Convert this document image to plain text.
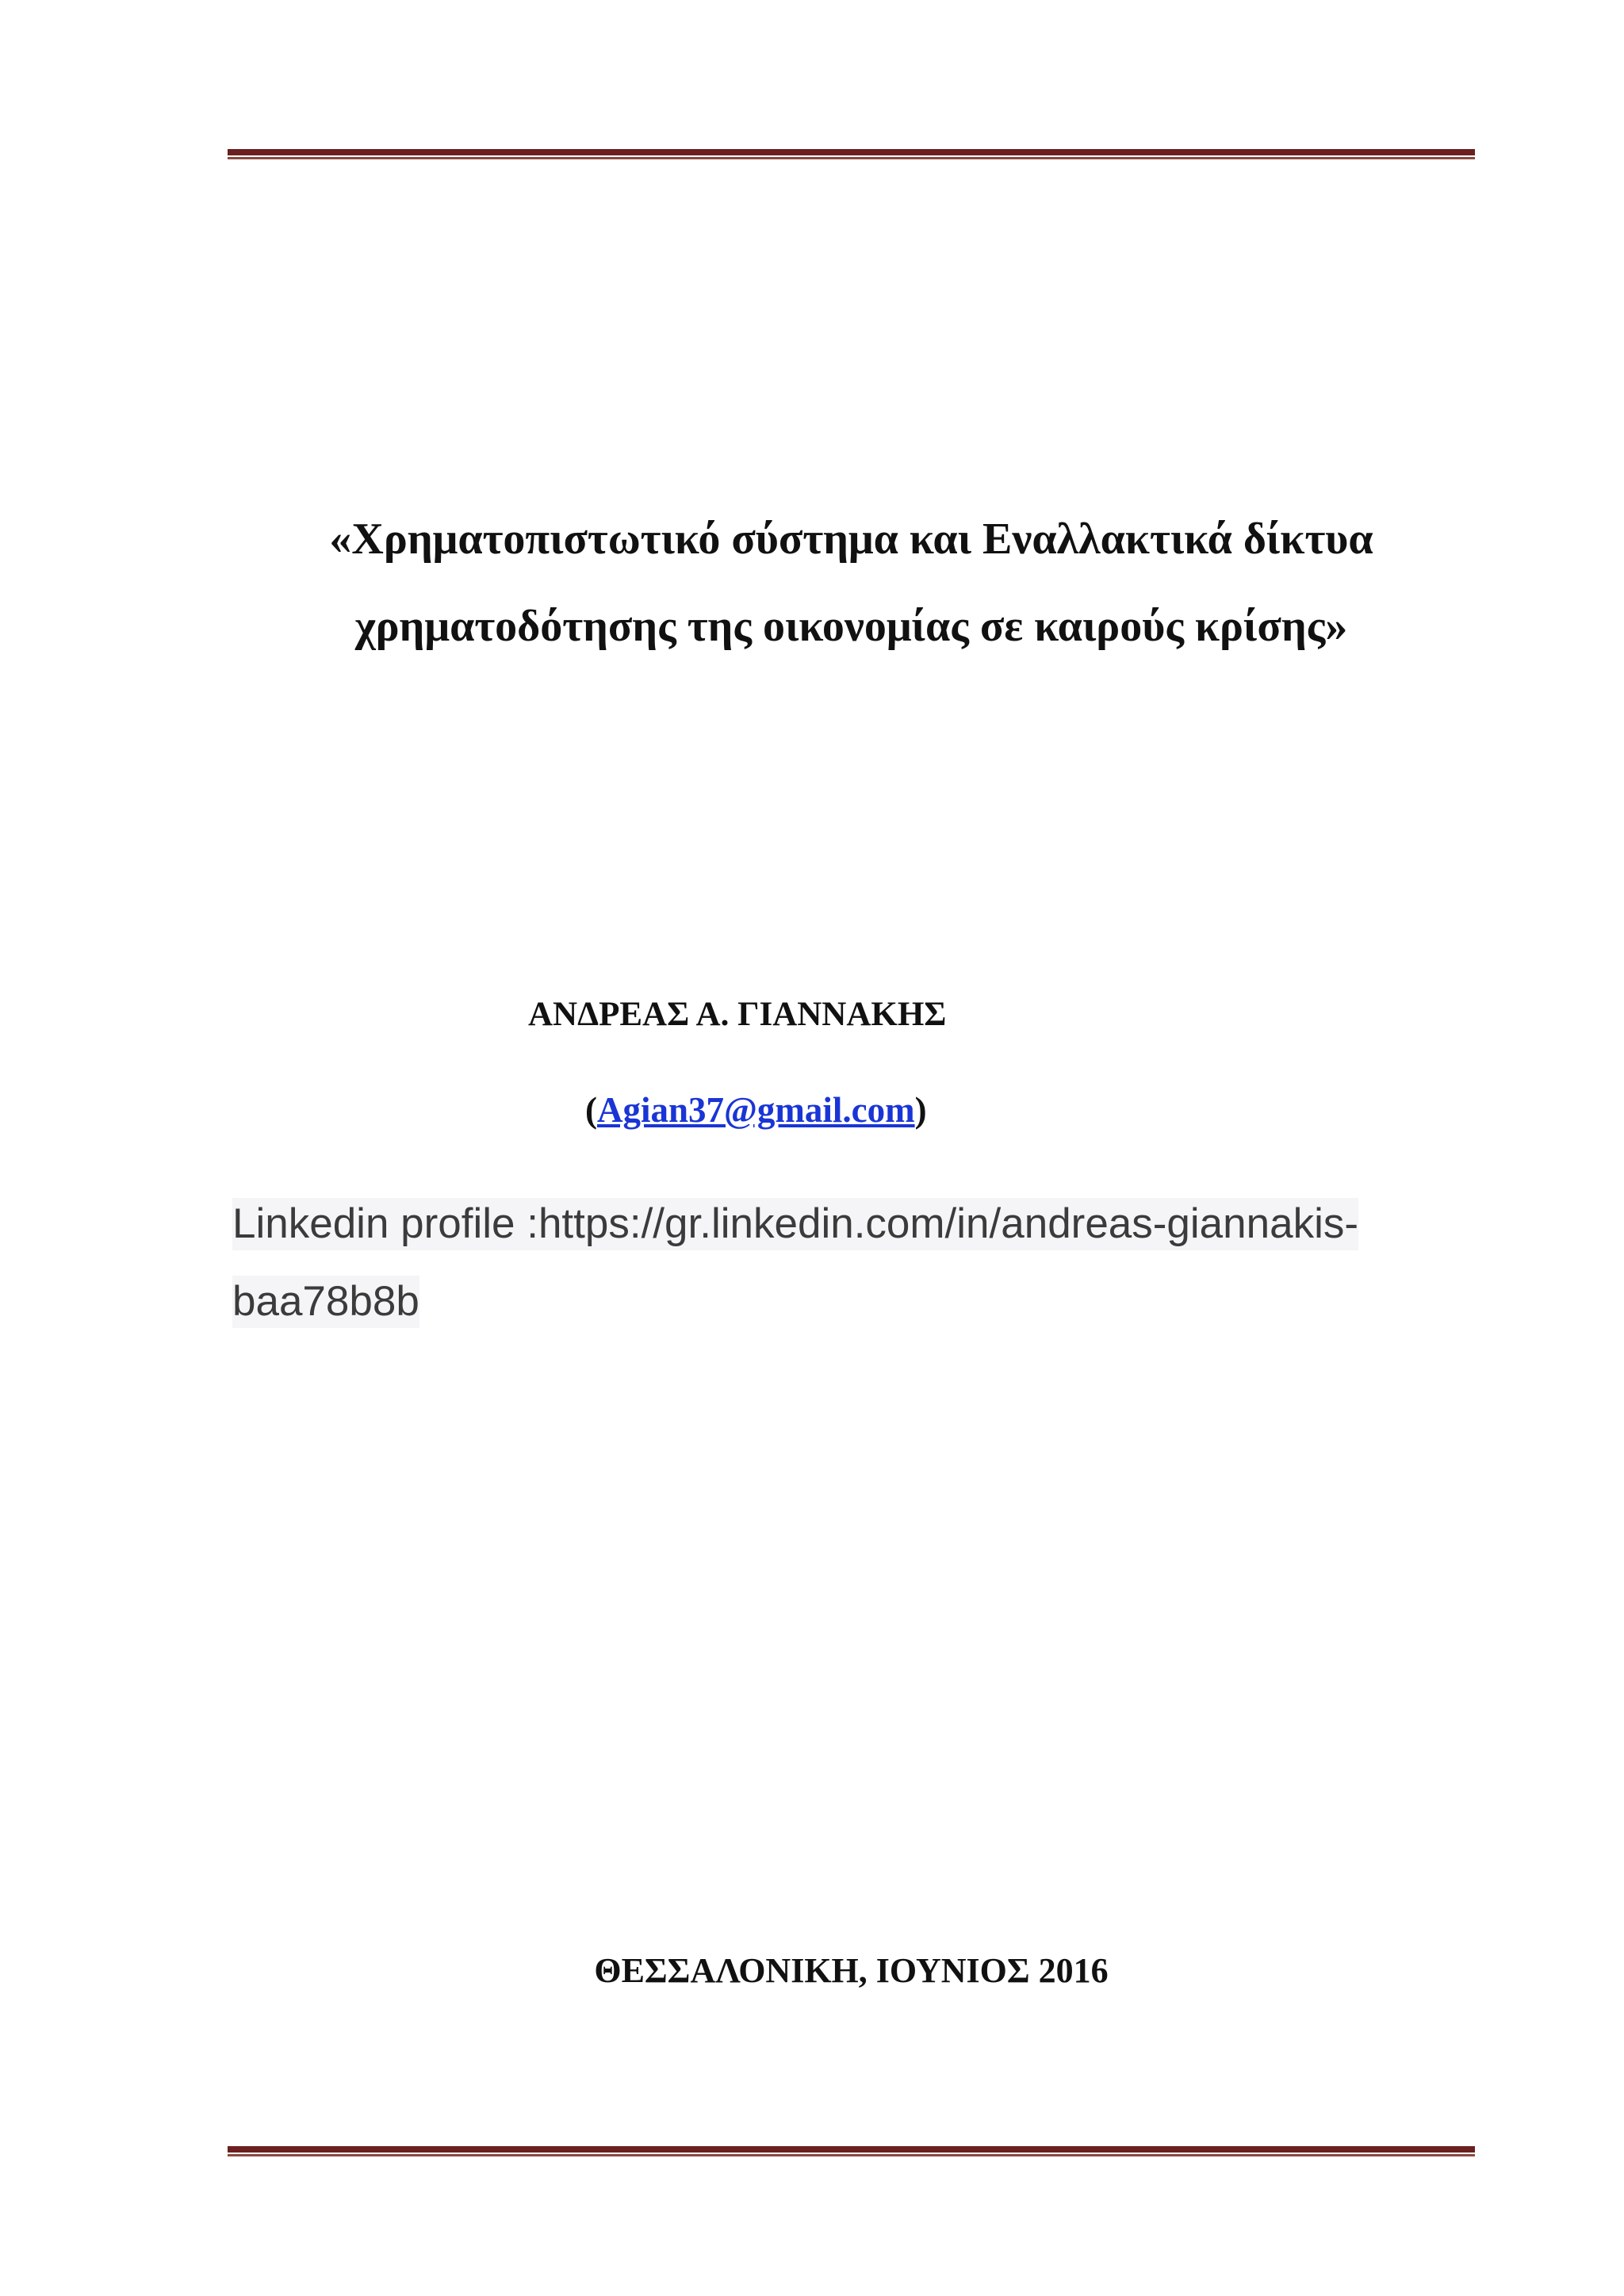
«Χρηματοπιστωτικό σύστημα και Εναλλακτικά δίκτυα
χρηματοδότησης της οικονομίας σε καιρούς κρίσης»
ΑΝΔΡΕΑΣ Α. ΓΙΑΝΝΑΚΗΣ
(Agian37@gmail.com)
Linkedin profile :https://gr.linkedin.com/in/andreas-giannakis-
baa78b8b
ΘΕΣΣΑΛΟΝΙΚΗ, ΙΟΥΝΙΟΣ 2016
